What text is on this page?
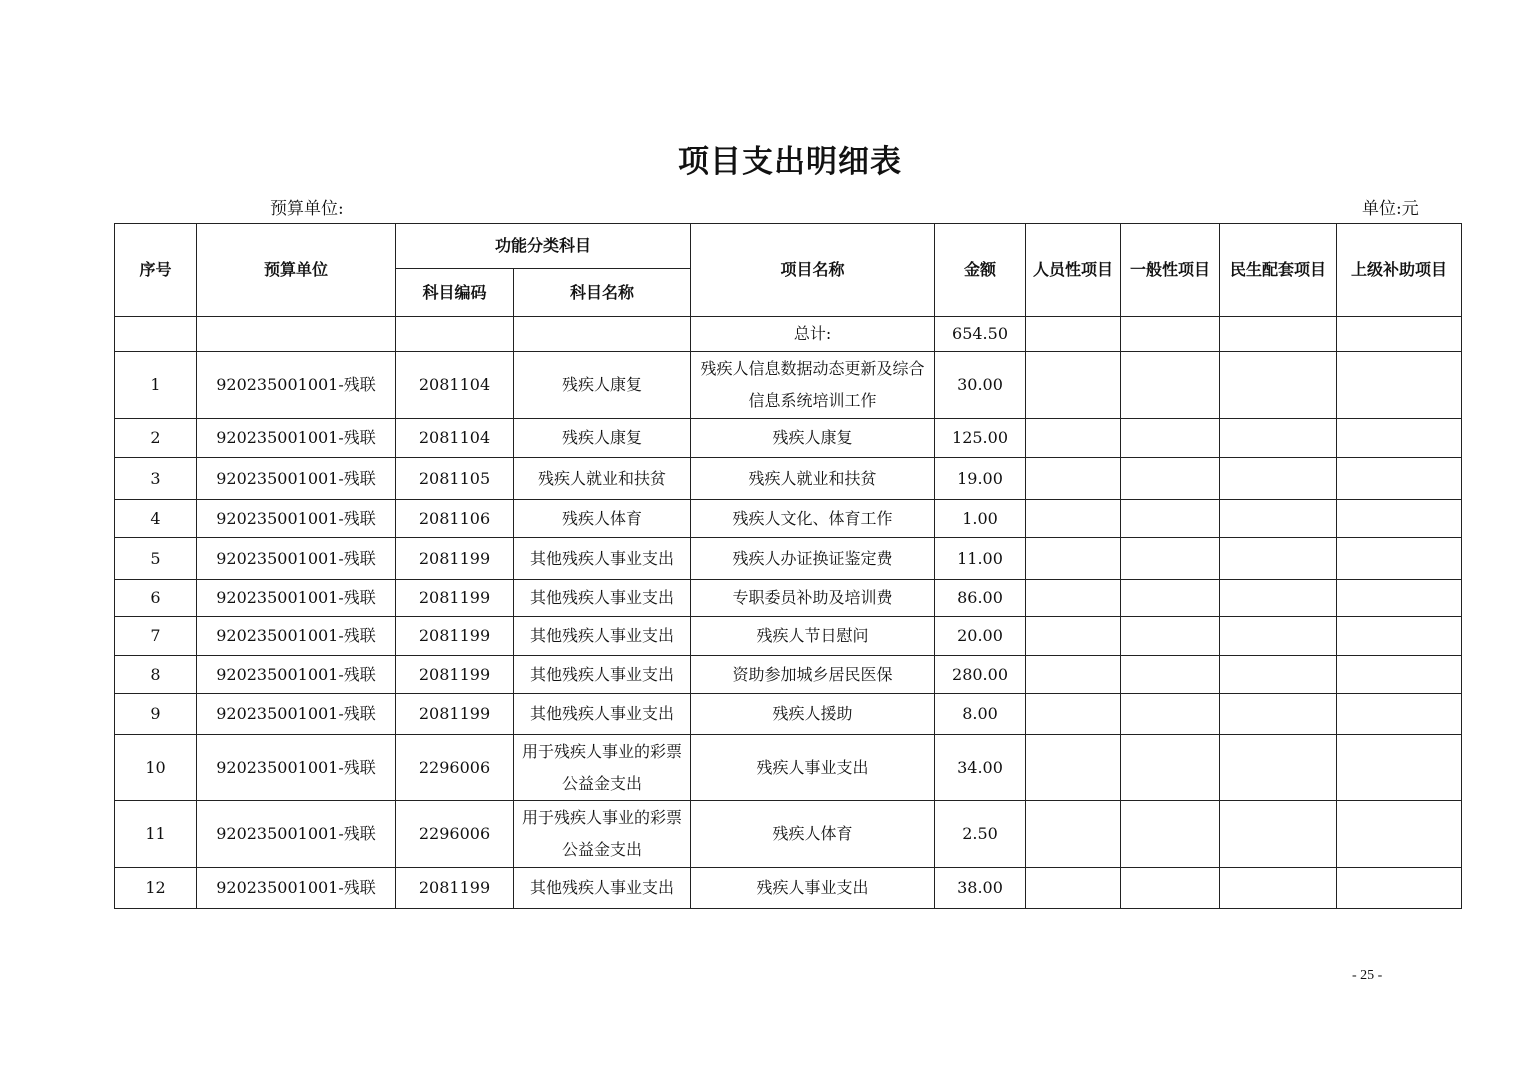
项目支出明细表
预算单位:	单位:元
序号	预算单位	功能分类科目		项目名称	金额	人员性项目	一般性项目	民生配套项目	上级补助项目
		科目编码	科目名称						
				总计:	654.50				
1	920235001001-残联	2081104	残疾人康复	残疾人信息数据动态更新及综合信息系统培训工作	30.00				
2	920235001001-残联	2081104	残疾人康复	残疾人康复	125.00				
3	920235001001-残联	2081105	残疾人就业和扶贫	残疾人就业和扶贫	19.00				
4	920235001001-残联	2081106	残疾人体育	残疾人文化、体育工作	1.00				
5	920235001001-残联	2081199	其他残疾人事业支出	残疾人办证换证鉴定费	11.00				
6	920235001001-残联	2081199	其他残疾人事业支出	专职委员补助及培训费	86.00				
7	920235001001-残联	2081199	其他残疾人事业支出	残疾人节日慰问	20.00				
8	920235001001-残联	2081199	其他残疾人事业支出	资助参加城乡居民医保	280.00				
9	920235001001-残联	2081199	其他残疾人事业支出	残疾人援助	8.00				
10	920235001001-残联	2296006	用于残疾人事业的彩票公益金支出	残疾人事业支出	34.00				
11	920235001001-残联	2296006	用于残疾人事业的彩票公益金支出	残疾人体育	2.50				
12	920235001001-残联	2081199	其他残疾人事业支出	残疾人事业支出	38.00				
- 25 -
